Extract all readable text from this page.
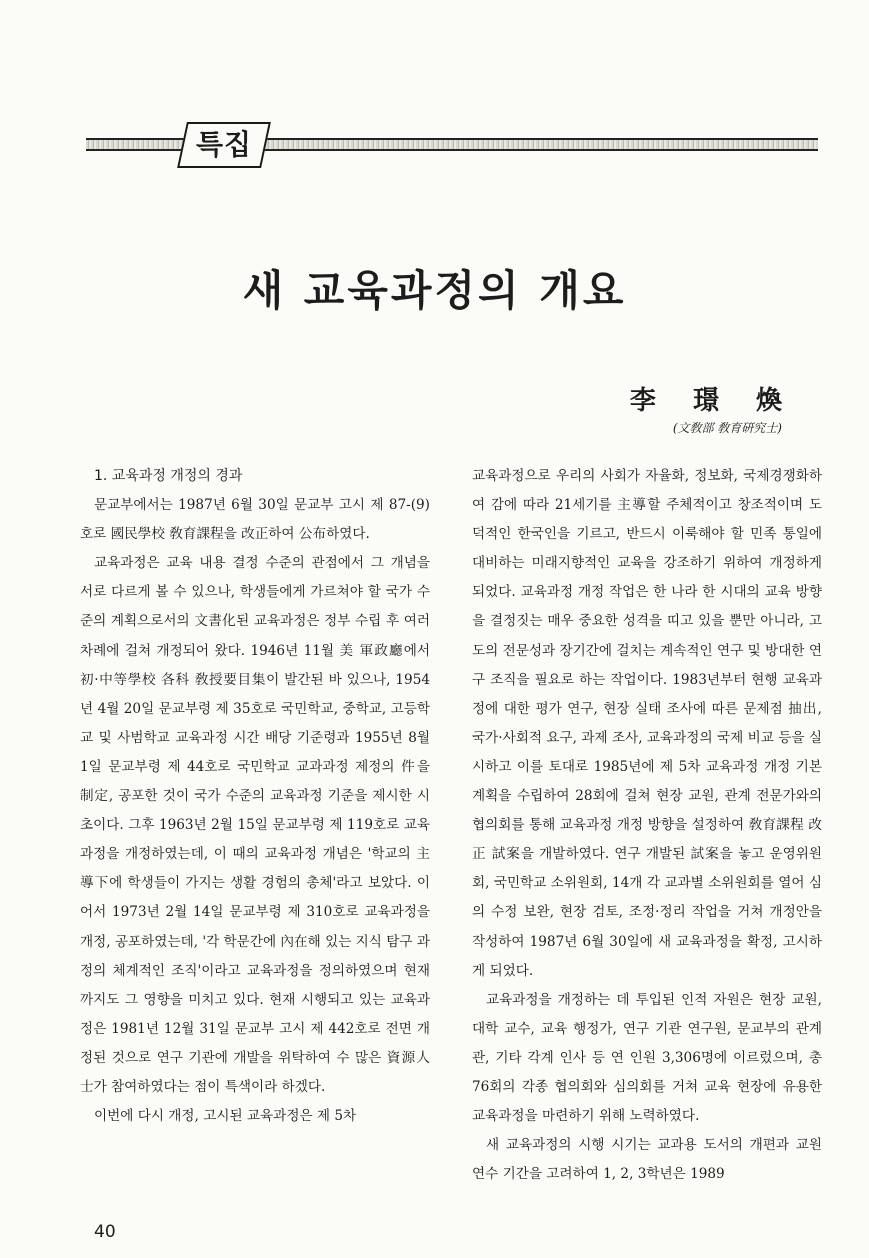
특집
새 교육과정의 개요
李 璟 煥
(文敎部 敎育硏究士)

1. 교육과정 개정의 경과

문교부에서는 1987년 6월 30일 문교부 고시 제 87-(9)호로 國民學校 敎育課程을 改正하여 公布하였다.

교육과정은 교육 내용 결정 수준의 관점에서 그 개념을 서로 다르게 볼 수 있으나, 학생들에게 가르쳐야 할 국가 수준의 계획으로서의 文書化된 교육과정은 정부 수립 후 여러 차례에 걸쳐 개정되어 왔다. 1946년 11월 美 軍政廳에서 初·中等學校 各科 敎授要目集이 발간된 바 있으나, 1954년 4월 20일 문교부령 제 35호로 국민학교, 중학교, 고등학교 및 사범학교 교육과정 시간 배당 기준령과 1955년 8월 1일 문교부령 제 44호로 국민학교 교과과정 제정의 件을 制定, 공포한 것이 국가 수준의 교육과정 기준을 제시한 시초이다. 그후 1963년 2월 15일 문교부령 제 119호로 교육과정을 개정하였는데, 이 때의 교육과정 개념은 '학교의 主導下에 학생들이 가지는 생활 경험의 총체'라고 보았다. 이어서 1973년 2월 14일 문교부령 제 310호로 교육과정을 개정, 공포하였는데, '각 학문간에 內在해 있는 지식 탐구 과정의 체계적인 조직'이라고 교육과정을 정의하였으며 현재까지도 그 영향을 미치고 있다. 현재 시행되고 있는 교육과정은 1981년 12월 31일 문교부 고시 제 442호로 전면 개정된 것으로 연구 기관에 개발을 위탁하여 수 많은 資源人士가 참여하였다는 점이 특색이라 하겠다.

이번에 다시 개정, 고시된 교육과정은 제 5차

교육과정으로 우리의 사회가 자율화, 정보화, 국제경쟁화하여 감에 따라 21세기를 主導할 주체적이고 창조적이며 도덕적인 한국인을 기르고, 반드시 이룩해야 할 민족 통일에 대비하는 미래지향적인 교육을 강조하기 위하여 개정하게 되었다. 교육과정 개정 작업은 한 나라 한 시대의 교육 방향을 결정짓는 매우 중요한 성격을 띠고 있을 뿐만 아니라, 고도의 전문성과 장기간에 걸치는 계속적인 연구 및 방대한 연구 조직을 필요로 하는 작업이다. 1983년부터 현행 교육과정에 대한 평가 연구, 현장 실태 조사에 따른 문제점 抽出, 국가·사회적 요구, 과제 조사, 교육과정의 국제 비교 등을 실시하고 이를 토대로 1985년에 제 5차 교육과정 개정 기본 계획을 수립하여 28회에 걸쳐 현장 교원, 관계 전문가와의 협의회를 통해 교육과정 개정 방향을 설정하여 敎育課程 改正 試案을 개발하였다. 연구 개발된 試案을 놓고 운영위원회, 국민학교 소위원회, 14개 각 교과별 소위원회를 열어 심의 수정 보완, 현장 검토, 조정·정리 작업을 거쳐 개정안을 작성하여 1987년 6월 30일에 새 교육과정을 확정, 고시하게 되었다.

교육과정을 개정하는 데 투입된 인적 자원은 현장 교원, 대학 교수, 교육 행정가, 연구 기관 연구원, 문교부의 관계관, 기타 각계 인사 등 연 인원 3,306명에 이르렀으며, 총 76회의 각종 협의회와 심의회를 거쳐 교육 현장에 유용한 교육과정을 마련하기 위해 노력하였다.

새 교육과정의 시행 시기는 교과용 도서의 개편과 교원 연수 기간을 고려하여 1, 2, 3학년은 1989

40
